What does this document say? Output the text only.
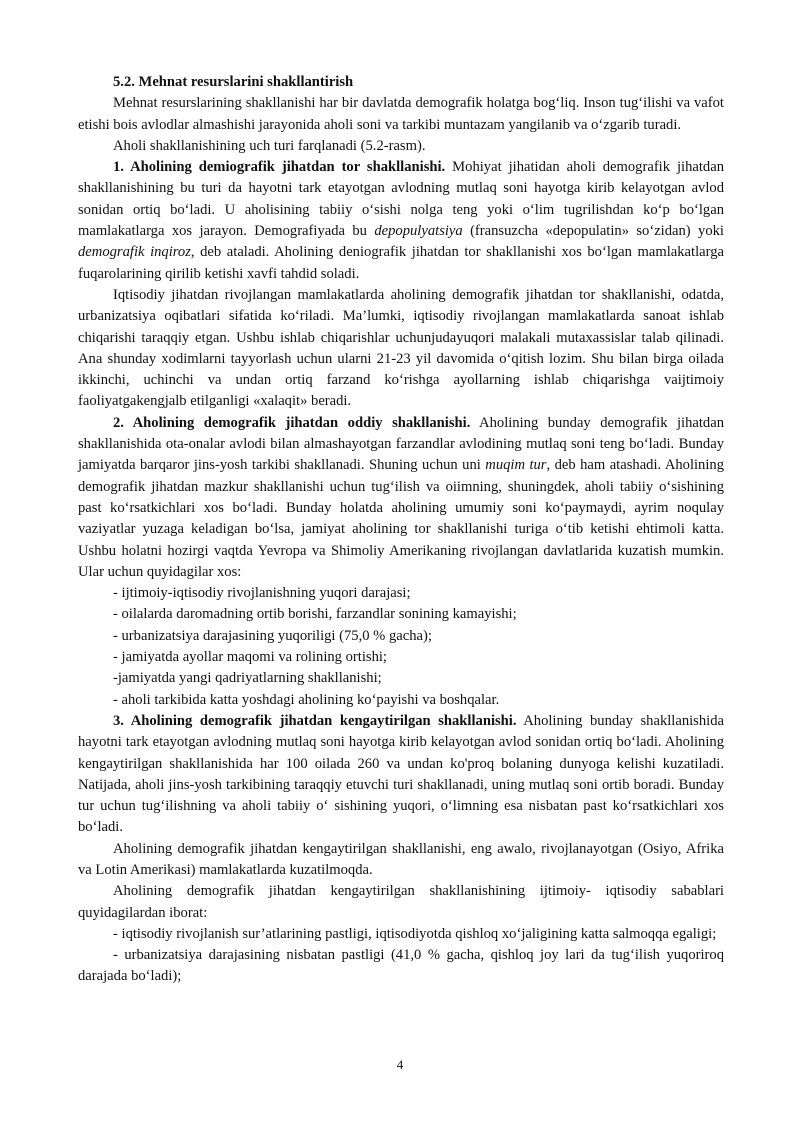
5.2. Mehnat resurslarini shakllantirish

Mehnat resurslarining shakllanishi har bir davlatda demografik holatga bog‘liq. Inson tug‘ilishi va vafot etishi bois avlodlar almashishi jarayonida aholi soni va tarkibi muntazam yangilanib va o‘zgarib turadi.

Aholi shakllanishining uch turi farqlanadi (5.2-rasm).

1. Aholining demiografik jihatdan tor shakllanishi. Mohiyat jihatidan aholi demografik jihatdan shakllanishining bu turi da hayotni tark etayotgan avlodning mutlaq soni hayotga kirib kelayotgan avlod sonidan ortiq bo‘ladi. U aholisining tabiiy o‘sishi nolga teng yoki o‘lim tugrilishdan ko‘p bo‘lgan mamlakatlarga xos jarayon. Demografiyada bu depopulyatsiya (fransuzcha «depopulatin» so‘zidan) yoki demografik inqiroz, deb ataladi. Aholining deniografik jihatdan tor shakllanishi xos bo‘lgan mamlakatlarga fuqarolarining qirilib ketishi xavfi tahdid soladi.

Iqtisodiy jihatdan rivojlangan mamlakatlarda aholining demografik jihatdan tor shakllanishi, odatda, urbanizatsiya oqibatlari sifatida ko‘riladi. Ma’lumki, iqtisodiy rivojlangan mamlakatlarda sanoat ishlab chiqarishi taraqqiy etgan. Ushbu ishlab chiqarishlar uchunjudayuqori malakali mutaxassislar talab qilinadi. Ana shunday xodimlarni tayyorlash uchun ularni 21-23 yil davomida o‘qitish lozim. Shu bilan birga oilada ikkinchi, uchinchi va undan ortiq farzand ko‘rishga ayollarning ishlab chiqarishga vaijtimoiy faoliyatgakengjalb etilganligi «xalaqit» beradi.

2. Aholining demografik jihatdan oddiy shakllanishi. Aholining bunday demografik jihatdan shakllanishida ota-onalar avlodi bilan almashayotgan farzandlar avlodining mutlaq soni teng bo‘ladi. Bunday jamiyatda barqaror jins-yosh tarkibi shakllanadi. Shuning uchun uni muqim tur, deb ham atashadi. Aholining demografik jihatdan mazkur shakllanishi uchun tug‘ilish va oiimning, shuningdek, aholi tabiiy o‘sishining past ko‘rsatkichlari xos bo‘ladi. Bunday holatda aholining umumiy soni ko‘paymaydi, ayrim noqulay vaziyatlar yuzaga keladigan bo‘lsa, jamiyat aholining tor shakllanishi turiga o‘tib ketishi ehtimoli katta. Ushbu holatni hozirgi vaqtda Yevropa va Shimoliy Amerikaning rivojlangan davlatlarida kuzatish mumkin. Ular uchun quyidagilar xos:

- ijtimoiy-iqtisodiy rivojlanishning yuqori darajasi;

- oilalarda daromadning ortib borishi, farzandlar sonining kamayishi;

- urbanizatsiya darajasining yuqoriligi (75,0 % gacha);

- jamiyatda ayollar maqomi va rolining ortishi;

-jamiyatda yangi qadriyatlarning shakllanishi;

- aholi tarkibida katta yoshdagi aholining ko‘payishi va boshqalar.

3. Aholining demografik jihatdan kengaytirilgan shakllanishi. Aholining bunday shakllanishida hayotni tark etayotgan avlodning mutlaq soni hayotga kirib kelayotgan avlod sonidan ortiq bo‘ladi. Aholining kengaytirilgan shakllanishida har 100 oilada 260 va undan ko'proq bolaning dunyoga kelishi kuzatiladi. Natijada, aholi jins-yosh tarkibining taraqqiy etuvchi turi shakllanadi, uning mutlaq soni ortib boradi. Bunday tur uchun tug‘ilishning va aholi tabiiy o‘ sishining yuqori, o‘limning esa nisbatan past ko‘rsatkichlari xos bo‘ladi.

Aholining demografik jihatdan kengaytirilgan shakllanishi, eng awalo, rivojlanayotgan (Osiyo, Afrika va Lotin Amerikasi) mamlakatlarda kuzatilmoqda.

Aholining demografik jihatdan kengaytirilgan shakllanishining ijtimoiy- iqtisodiy sabablari quyidagilardan iborat:

- iqtisodiy rivojlanish sur’atlarining pastligi, iqtisodiyotda qishloq xo‘jaligining katta salmoqqa egaligi;

- urbanizatsiya darajasining nisbatan pastligi (41,0 % gacha, qishloq joy lari da tug‘ilish yuqoriroq darajada bo‘ladi);

4
